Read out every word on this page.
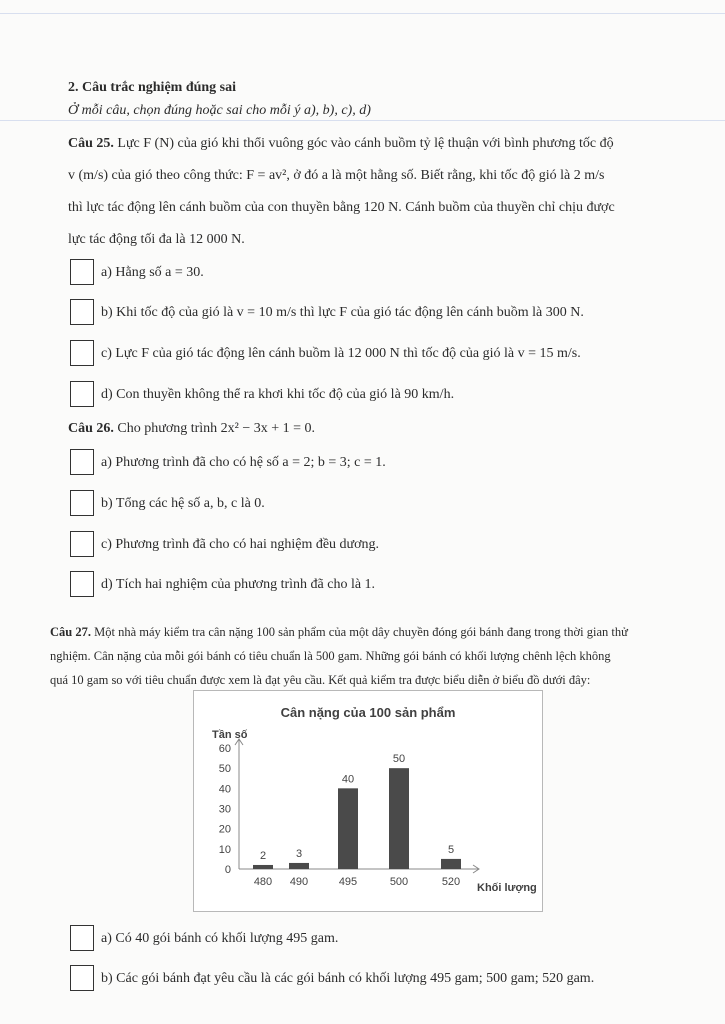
2. Câu trắc nghiệm đúng sai
Ở mỗi câu, chọn đúng hoặc sai cho mỗi ý a), b), c), d)
Câu 25. Lực F (N) của gió khi thổi vuông góc vào cánh buồm tỷ lệ thuận với bình phương tốc độ
v (m/s) của gió theo công thức: F = av², ở đó a là một hằng số. Biết rằng, khi tốc độ gió là 2 m/s
thì lực tác động lên cánh buồm của con thuyền bằng 120 N. Cánh buồm của thuyền chỉ chịu được
lực tác động tối đa là 12 000 N.
a) Hằng số a = 30.
b) Khi tốc độ của gió là v = 10 m/s thì lực F của gió tác động lên cánh buồm là 300 N.
c) Lực F của gió tác động lên cánh buồm là 12 000 N thì tốc độ của gió là v = 15 m/s.
d) Con thuyền không thể ra khơi khi tốc độ của gió là 90 km/h.
Câu 26. Cho phương trình 2x² − 3x + 1 = 0.
a) Phương trình đã cho có hệ số a = 2; b = 3; c = 1.
b) Tổng các hệ số a, b, c là 0.
c) Phương trình đã cho có hai nghiệm đều dương.
d) Tích hai nghiệm của phương trình đã cho là 1.
Câu 27. Một nhà máy kiểm tra cân nặng 100 sản phẩm của một dây chuyền đóng gói bánh đang trong thời gian thử
nghiệm. Cân nặng của mỗi gói bánh có tiêu chuẩn là 500 gam. Những gói bánh có khối lượng chênh lệch không
quá 10 gam so với tiêu chuẩn được xem là đạt yêu cầu. Kết quả kiểm tra được biểu diễn ở biểu đồ dưới đây:
Cân nặng của 100 sản phẩm
Tần số
Khối lượng
0
10
20
30
40
50
60
2
480
3
490
40
495
50
500
5
520
a) Có 40 gói bánh có khối lượng 495 gam.
b) Các gói bánh đạt yêu cầu là các gói bánh có khối lượng 495 gam; 500 gam; 520 gam.
